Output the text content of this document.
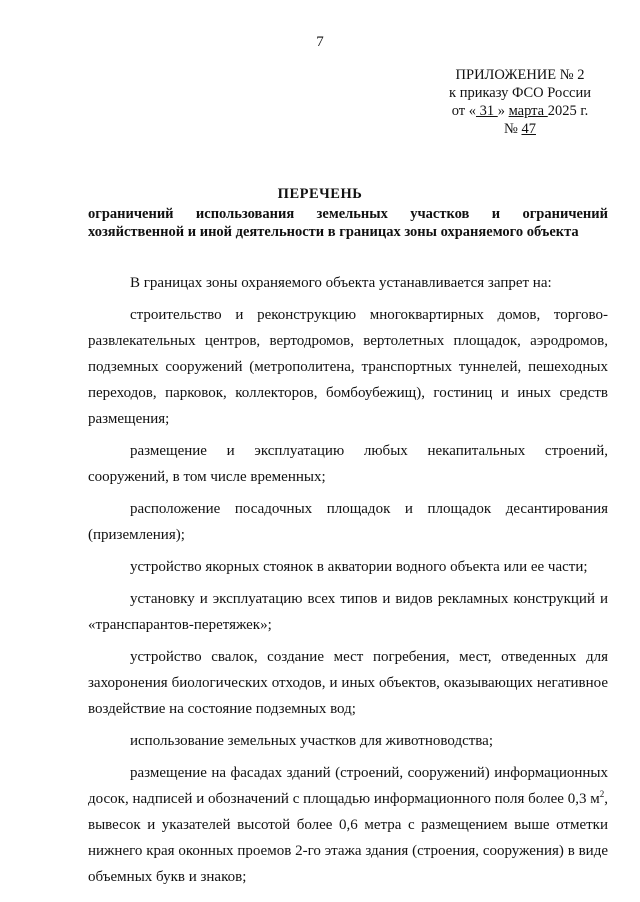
7
ПРИЛОЖЕНИЕ № 2
к приказу ФСО России
от « 31 » марта 2025 г.
№ 47
ПЕРЕЧЕНЬ
ограничений использования земельных участков и ограничений
хозяйственной и иной деятельности в границах зоны охраняемого объекта

В границах зоны охраняемого объекта устанавливается запрет на:

строительство и реконструкцию многоквартирных домов, торгово-развлекательных центров, вертодромов, вертолетных площадок, аэродромов, подземных сооружений (метрополитена, транспортных туннелей, пешеходных переходов, парковок, коллекторов, бомбоубежищ), гостиниц и иных средств размещения;

размещение и эксплуатацию любых некапитальных строений, сооружений, в том числе временных;

расположение посадочных площадок и площадок десантирования (приземления);

устройство якорных стоянок в акватории водного объекта или ее части;

установку и эксплуатацию всех типов и видов рекламных конструкций и «транспарантов-перетяжек»;

устройство свалок, создание мест погребения, мест, отведенных для захоронения биологических отходов, и иных объектов, оказывающих негативное воздействие на состояние подземных вод;

использование земельных участков для животноводства;

размещение на фасадах зданий (строений, сооружений) информационных досок, надписей и обозначений с площадью информационного поля более 0,3 $м^2$, вывесок и указателей высотой более 0,6 метра с размещением выше отметки нижнего края оконных проемов 2-го этажа здания (строения, сооружения) в виде объемных букв и знаков;
